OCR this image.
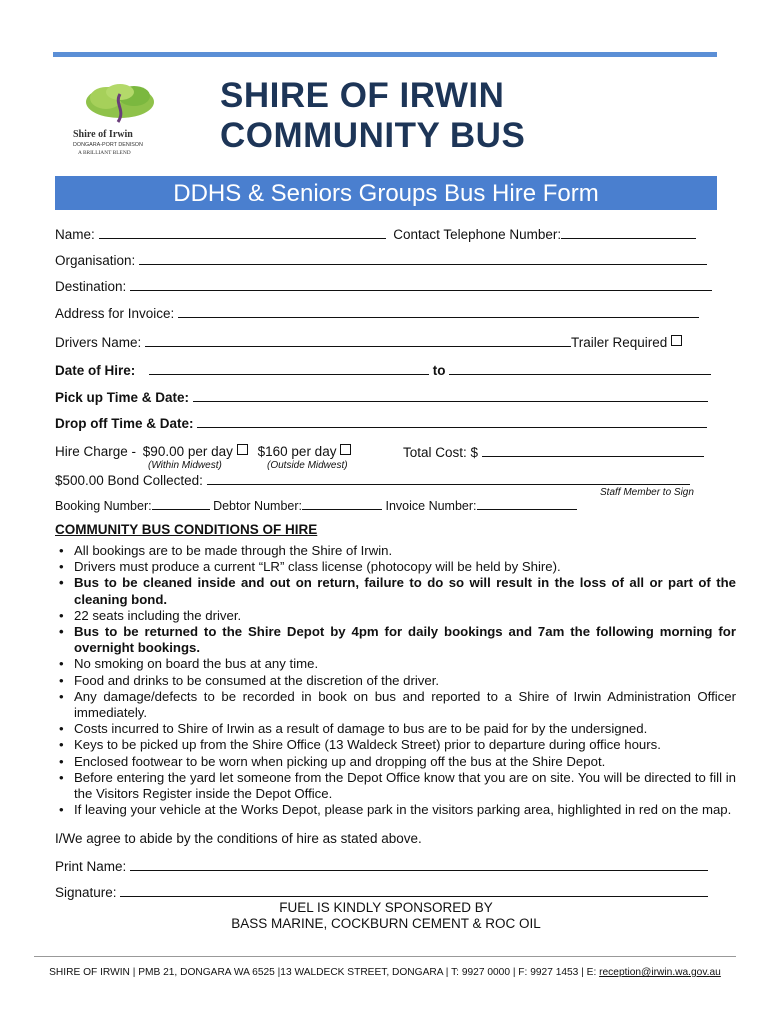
Shire of Irwin
DONGARA-PORT DENISON
A BRILLIANT BLEND
SHIRE OF IRWIN
COMMUNITY BUS
DDHS & Seniors Groups Bus Hire Form
Name:	Contact Telephone Number:
Organisation:
Destination:
Address for Invoice:
Drivers Name:	Trailer Required
Date of Hire:	to
Pick up Time & Date:
Drop off Time & Date:
Hire Charge - $90.00 per day $160 per day	Total Cost: $
(Within Midwest)	(Outside Midwest)
$500.00 Bond Collected:
Staff Member to Sign
Booking Number:	Debtor Number:	Invoice Number:
COMMUNITY BUS CONDITIONS OF HIRE
• All bookings are to be made through the Shire of Irwin.
• Drivers must produce a current “LR” class license (photocopy will be held by Shire).
• Bus to be cleaned inside and out on return, failure to do so will result in the loss of all or part of the cleaning bond.
• 22 seats including the driver.
• Bus to be returned to the Shire Depot by 4pm for daily bookings and 7am the following morning for overnight bookings.
• No smoking on board the bus at any time.
• Food and drinks to be consumed at the discretion of the driver.
• Any damage/defects to be recorded in book on bus and reported to a Shire of Irwin Administration Officer immediately.
• Costs incurred to Shire of Irwin as a result of damage to bus are to be paid for by the undersigned.
• Keys to be picked up from the Shire Office (13 Waldeck Street) prior to departure during office hours.
• Enclosed footwear to be worn when picking up and dropping off the bus at the Shire Depot.
• Before entering the yard let someone from the Depot Office know that you are on site. You will be directed to fill in the Visitors Register inside the Depot Office.
• If leaving your vehicle at the Works Depot, please park in the visitors parking area, highlighted in red on the map.
I/We agree to abide by the conditions of hire as stated above.
Print Name:
Signature:
FUEL IS KINDLY SPONSORED BY
BASS MARINE, COCKBURN CEMENT & ROC OIL
SHIRE OF IRWIN | PMB 21, DONGARA WA 6525 |13 WALDECK STREET, DONGARA | T: 9927 0000 | F: 9927 1453 | E: reception@irwin.wa.gov.au
